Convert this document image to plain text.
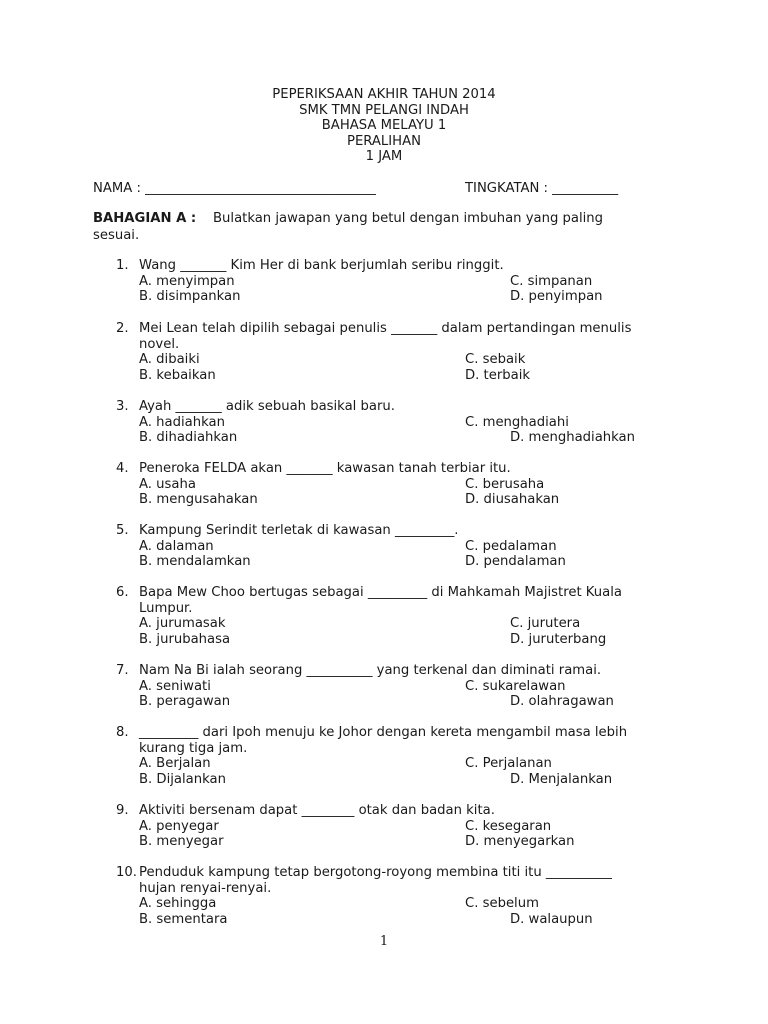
PEPERIKSAAN AKHIR TAHUN 2014
SMK TMN PELANGI INDAH
BAHASA MELAYU 1
PERALIHAN
1 JAM
NAMA : ___________________________________	TINGKATAN : __________
BAHAGIAN A : Bulatkan jawapan yang betul dengan imbuhan yang paling
sesuai.
1. Wang _______ Kim Her di bank berjumlah seribu ringgit.
A. menyimpan	C. simpanan
B. disimpankan	D. penyimpan
2. Mei Lean telah dipilih sebagai penulis _______ dalam pertandingan menulis
novel.
A. dibaiki	C. sebaik
B. kebaikan	D. terbaik
3. Ayah _______ adik sebuah basikal baru.
A. hadiahkan	C. menghadiahi
B. dihadiahkan	D. menghadiahkan
4. Peneroka FELDA akan _______ kawasan tanah terbiar itu.
A. usaha	C. berusaha
B. mengusahakan	D. diusahakan
5. Kampung Serindit terletak di kawasan _________.
A. dalaman	C. pedalaman
B. mendalamkan	D. pendalaman
6. Bapa Mew Choo bertugas sebagai _________ di Mahkamah Majistret Kuala
Lumpur.
A. jurumasak	C. jurutera
B. jurubahasa	D. juruterbang
7. Nam Na Bi ialah seorang __________ yang terkenal dan diminati ramai.
A. seniwati	C. sukarelawan
B. peragawan	D. olahragawan
8. _________ dari Ipoh menuju ke Johor dengan kereta mengambil masa lebih
kurang tiga jam.
A. Berjalan	C. Perjalanan
B. Dijalankan	D. Menjalankan
9. Aktiviti bersenam dapat ________ otak dan badan kita.
A. penyegar	C. kesegaran
B. menyegar	D. menyegarkan
10. Penduduk kampung tetap bergotong-royong membina titi itu __________
hujan renyai-renyai.
A. sehingga	C. sebelum
B. sementara	D. walaupun
1
